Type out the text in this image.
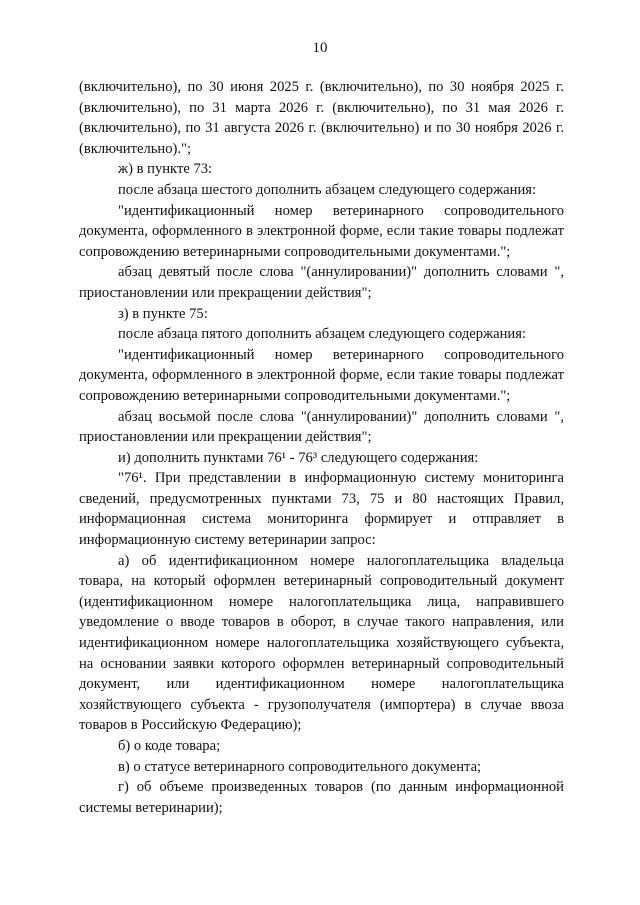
10

(включительно), по 30 июня 2025 г. (включительно), по 30 ноября 2025 г. (включительно), по 31 марта 2026 г. (включительно), по 31 мая 2026 г. (включительно), по 31 августа 2026 г. (включительно) и по 30 ноября 2026 г. (включительно).";

ж) в пункте 73:

после абзаца шестого дополнить абзацем следующего содержания:

"идентификационный номер ветеринарного сопроводительного документа, оформленного в электронной форме, если такие товары подлежат сопровождению ветеринарными сопроводительными документами.";

абзац девятый после слова "(аннулировании)" дополнить словами ", приостановлении или прекращении действия";

з) в пункте 75:

после абзаца пятого дополнить абзацем следующего содержания:

"идентификационный номер ветеринарного сопроводительного документа, оформленного в электронной форме, если такие товары подлежат сопровождению ветеринарными сопроводительными документами.";

абзац восьмой после слова "(аннулировании)" дополнить словами ", приостановлении или прекращении действия";

и) дополнить пунктами 76¹ - 76³ следующего содержания:

"76¹. При представлении в информационную систему мониторинга сведений, предусмотренных пунктами 73, 75 и 80 настоящих Правил, информационная система мониторинга формирует и отправляет в информационную систему ветеринарии запрос:

а) об идентификационном номере налогоплательщика владельца товара, на который оформлен ветеринарный сопроводительный документ (идентификационном номере налогоплательщика лица, направившего уведомление о вводе товаров в оборот, в случае такого направления, или идентификационном номере налогоплательщика хозяйствующего субъекта, на основании заявки которого оформлен ветеринарный сопроводительный документ, или идентификационном номере налогоплательщика хозяйствующего субъекта - грузополучателя (импортера) в случае ввоза товаров в Российскую Федерацию);

б) о коде товара;

в) о статусе ветеринарного сопроводительного документа;

г) об объеме произведенных товаров (по данным информационной системы ветеринарии);
